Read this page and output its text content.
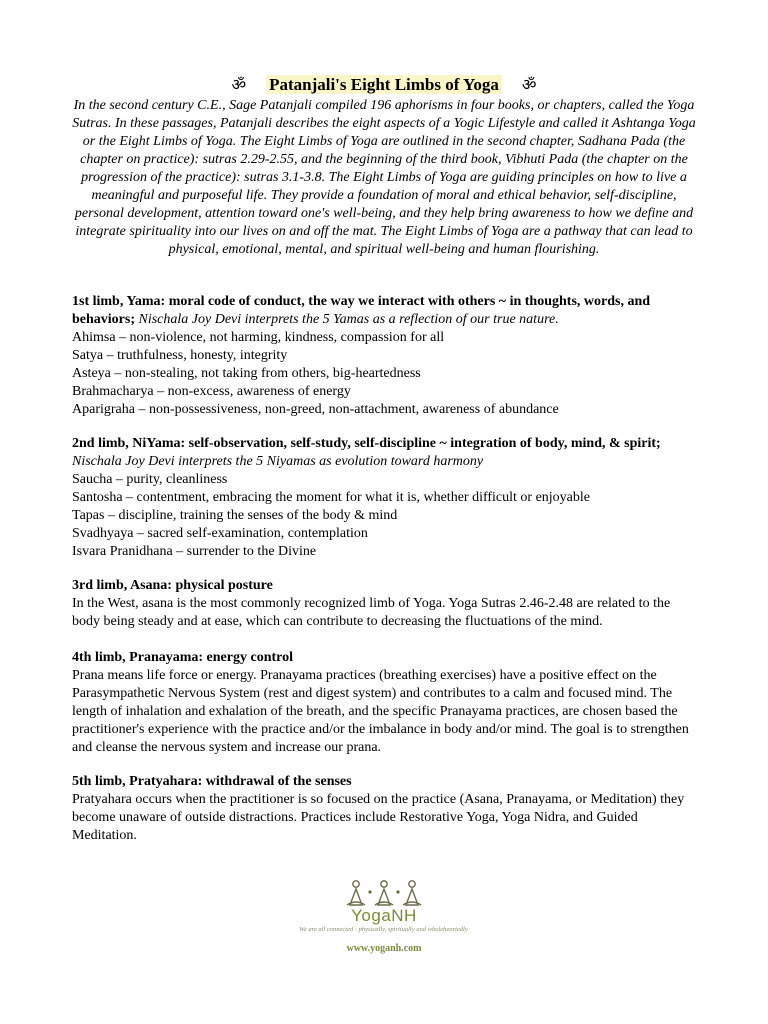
ॐ Patanjali's Eight Limbs of Yoga ॐ

In the second century C.E., Sage Patanjali compiled 196 aphorisms in four books, or chapters, called the Yoga Sutras. In these passages, Patanjali describes the eight aspects of a Yogic Lifestyle and called it Ashtanga Yoga or the Eight Limbs of Yoga. The Eight Limbs of Yoga are outlined in the second chapter, Sadhana Pada (the chapter on practice): sutras 2.29-2.55, and the beginning of the third book, Vibhuti Pada (the chapter on the progression of the practice): sutras 3.1-3.8. The Eight Limbs of Yoga are guiding principles on how to live a meaningful and purposeful life. They provide a foundation of moral and ethical behavior, self-discipline, personal development, attention toward one's well-being, and they help bring awareness to how we define and integrate spirituality into our lives on and off the mat. The Eight Limbs of Yoga are a pathway that can lead to physical, emotional, mental, and spiritual well-being and human flourishing.

1st limb, Yama: moral code of conduct, the way we interact with others ~ in thoughts, words, and behaviors; Nischala Joy Devi interprets the 5 Yamas as a reflection of our true nature.

Ahimsa – non-violence, not harming, kindness, compassion for all
Satya – truthfulness, honesty, integrity
Asteya – non-stealing, not taking from others, big-heartedness
Brahmacharya – non-excess, awareness of energy
Aparigraha – non-possessiveness, non-greed, non-attachment, awareness of abundance

2nd limb, NiYama: self-observation, self-study, self-discipline ~ integration of body, mind, & spirit; Nischala Joy Devi interprets the 5 Niyamas as evolution toward harmony

Saucha – purity, cleanliness
Santosha – contentment, embracing the moment for what it is, whether difficult or enjoyable
Tapas – discipline, training the senses of the body & mind
Svadhyaya – sacred self-examination, contemplation
Isvara Pranidhana – surrender to the Divine
3rd limb, Asana: physical posture

In the West, asana is the most commonly recognized limb of Yoga. Yoga Sutras 2.46-2.48 are related to the body being steady and at ease, which can contribute to decreasing the fluctuations of the mind.

4th limb, Pranayama: energy control

Prana means life force or energy. Pranayama practices (breathing exercises) have a positive effect on the Parasympathetic Nervous System (rest and digest system) and contributes to a calm and focused mind. The length of inhalation and exhalation of the breath, and the specific Pranayama practices, are chosen based the practitioner's experience with the practice and/or the imbalance in body and/or mind. The goal is to strengthen and cleanse the nervous system and increase our prana.

5th limb, Pratyahara: withdrawal of the senses

Pratyahara occurs when the practitioner is so focused on the practice (Asana, Pranayama, or Meditation) they become unaware of outside distractions. Practices include Restorative Yoga, Yoga Nidra, and Guided Meditation.

YogaNH
We are all connected - physically, spiritually and wholeheartedly.
www.yoganh.com
